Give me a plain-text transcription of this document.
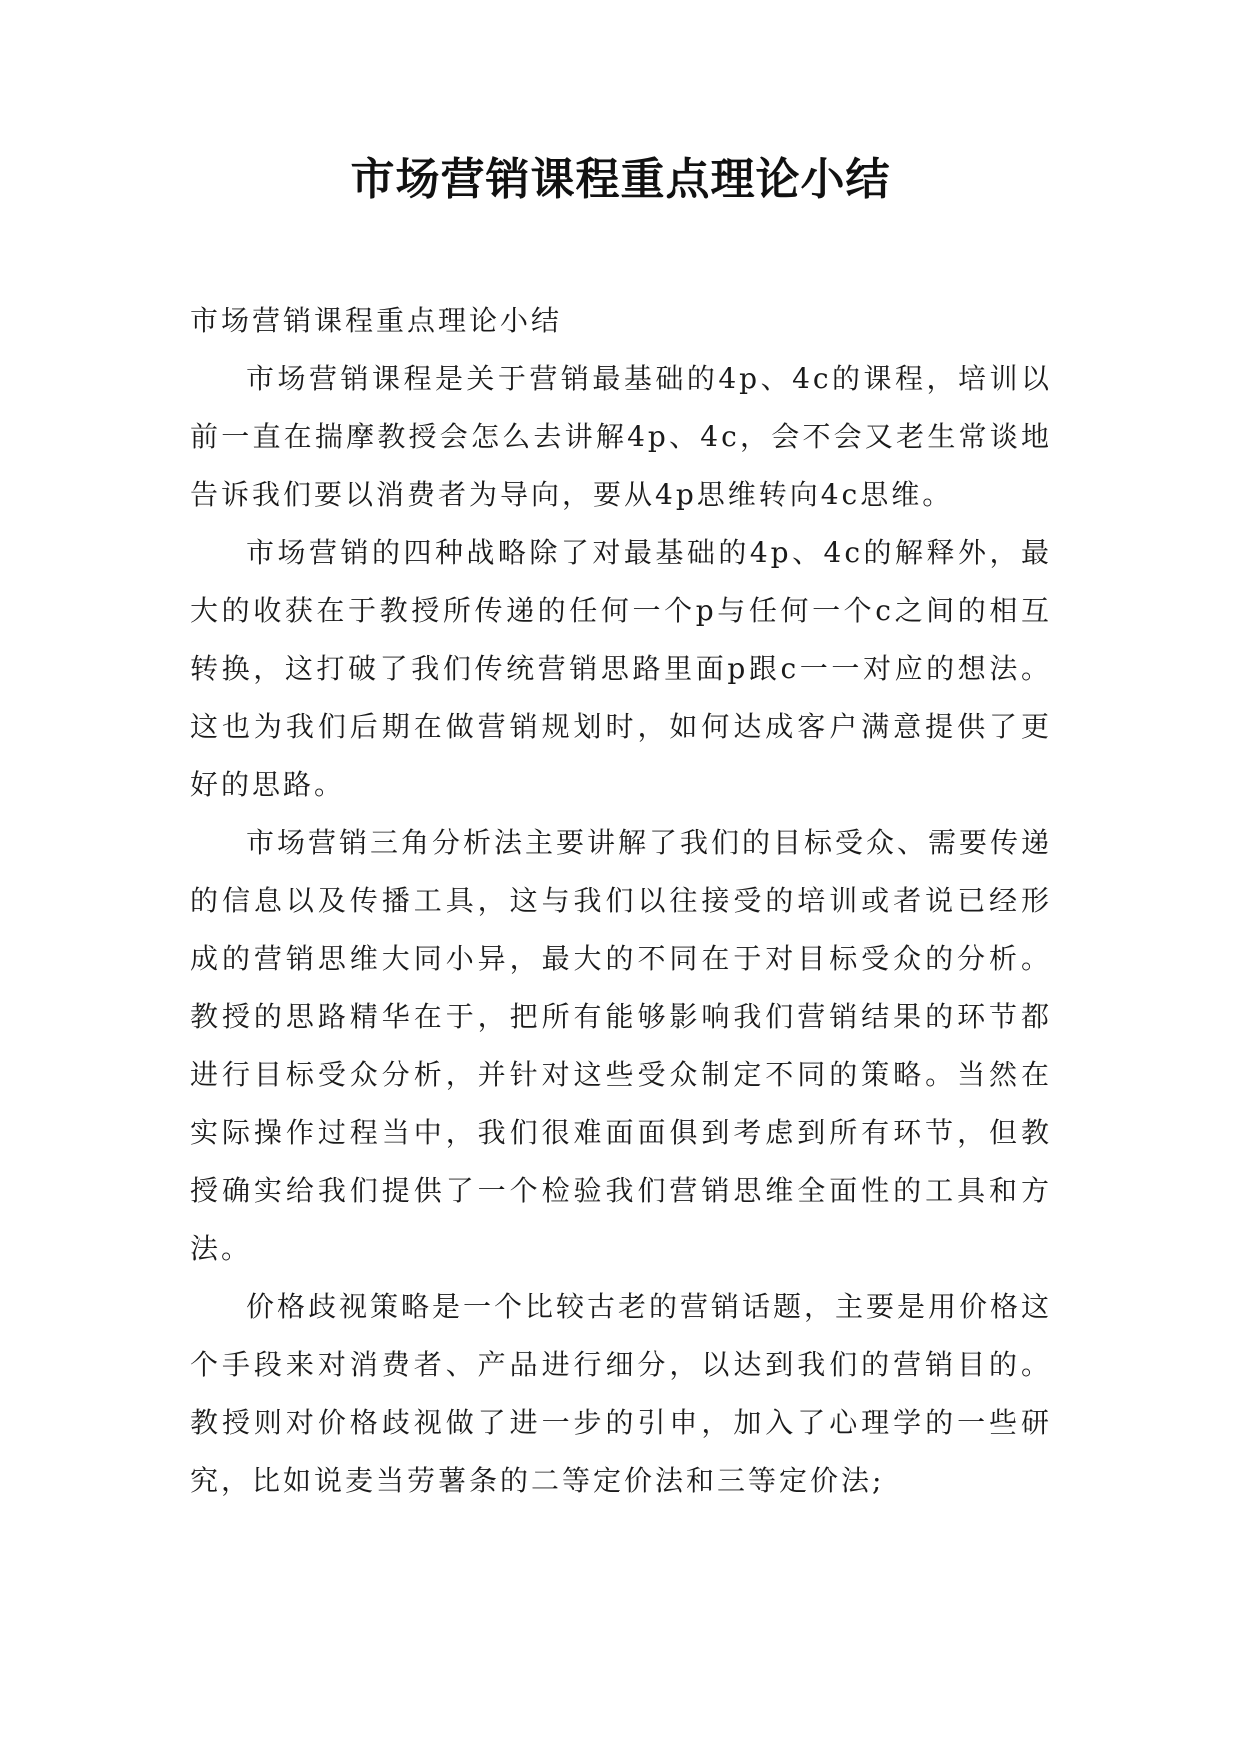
市场营销课程重点理论小结

市场营销课程重点理论小结

市场营销课程是关于营销最基础的4p、4c的课程，培训以前一直在揣摩教授会怎么去讲解4p、4c，会不会又老生常谈地告诉我们要以消费者为导向，要从4p思维转向4c思维。

市场营销的四种战略除了对最基础的4p、4c的解释外，最大的收获在于教授所传递的任何一个p与任何一个c之间的相互转换，这打破了我们传统营销思路里面p跟c一一对应的想法。这也为我们后期在做营销规划时，如何达成客户满意提供了更好的思路。

市场营销三角分析法主要讲解了我们的目标受众、需要传递的信息以及传播工具，这与我们以往接受的培训或者说已经形成的营销思维大同小异，最大的不同在于对目标受众的分析。教授的思路精华在于，把所有能够影响我们营销结果的环节都进行目标受众分析，并针对这些受众制定不同的策略。当然在实际操作过程当中，我们很难面面俱到考虑到所有环节，但教授确实给我们提供了一个检验我们营销思维全面性的工具和方法。

价格歧视策略是一个比较古老的营销话题，主要是用价格这个手段来对消费者、产品进行细分，以达到我们的营销目的。教授则对价格歧视做了进一步的引申，加入了心理学的一些研究，比如说麦当劳薯条的二等定价法和三等定价法;
